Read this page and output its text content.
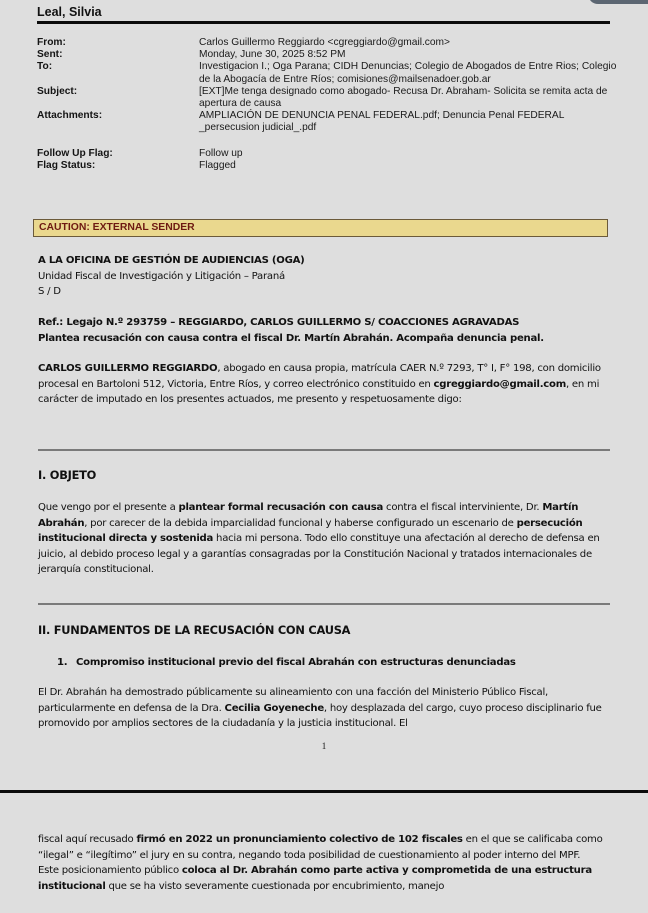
Leal, Silvia
From:	Carlos Guillermo Reggiardo <cgreggiardo@gmail.com>
Sent:	Monday, June 30, 2025 8:52 PM
To:	Investigacion I.; Oga Parana; CIDH Denuncias; Colegio de Abogados de Entre Rios; Colegio de la Abogacía de Entre Ríos; comisiones@mailsenadoer.gob.ar
Subject:	[EXT]Me tenga designado como abogado- Recusa Dr. Abraham- Solicita se remita acta de apertura de causa
Attachments:	AMPLIACIÓN DE DENUNCIA PENAL FEDERAL.pdf; Denuncia Penal FEDERAL _persecusion judicial_.pdf
Follow Up Flag:	Follow up
Flag Status:	Flagged
CAUTION: EXTERNAL SENDER
A LA OFICINA DE GESTIÓN DE AUDIENCIAS (OGA)
Unidad Fiscal de Investigación y Litigación – Paraná
S / D
Ref.: Legajo N.º 293759 – REGGIARDO, CARLOS GUILLERMO S/ COACCIONES AGRAVADAS
Plantea recusación con causa contra el fiscal Dr. Martín Abrahán. Acompaña denuncia penal.
CARLOS GUILLERMO REGGIARDO, abogado en causa propia, matrícula CAER N.º 7293, T° I, F° 198, con domicilio procesal en Bartoloni 512, Victoria, Entre Ríos, y correo electrónico constituido en cgreggiardo@gmail.com, en mi carácter de imputado en los presentes actuados, me presento y respetuosamente digo:
I. OBJETO
Que vengo por el presente a plantear formal recusación con causa contra el fiscal interviniente, Dr. Martín Abrahán, por carecer de la debida imparcialidad funcional y haberse configurado un escenario de persecución institucional directa y sostenida hacia mi persona. Todo ello constituye una afectación al derecho de defensa en juicio, al debido proceso legal y a garantías consagradas por la Constitución Nacional y tratados internacionales de jerarquía constitucional.
II. FUNDAMENTOS DE LA RECUSACIÓN CON CAUSA
1. Compromiso institucional previo del fiscal Abrahán con estructuras denunciadas
El Dr. Abrahán ha demostrado públicamente su alineamiento con una facción del Ministerio Público Fiscal, particularmente en defensa de la Dra. Cecilia Goyeneche, hoy desplazada del cargo, cuyo proceso disciplinario fue promovido por amplios sectores de la ciudadanía y la justicia institucional. El
1
fiscal aquí recusado firmó en 2022 un pronunciamiento colectivo de 102 fiscales en el que se calificaba como “ilegal” e “ilegítimo” el jury en su contra, negando toda posibilidad de cuestionamiento al poder interno del MPF.
Este posicionamiento público coloca al Dr. Abrahán como parte activa y comprometida de una estructura institucional que se ha visto severamente cuestionada por encubrimiento, manejo
